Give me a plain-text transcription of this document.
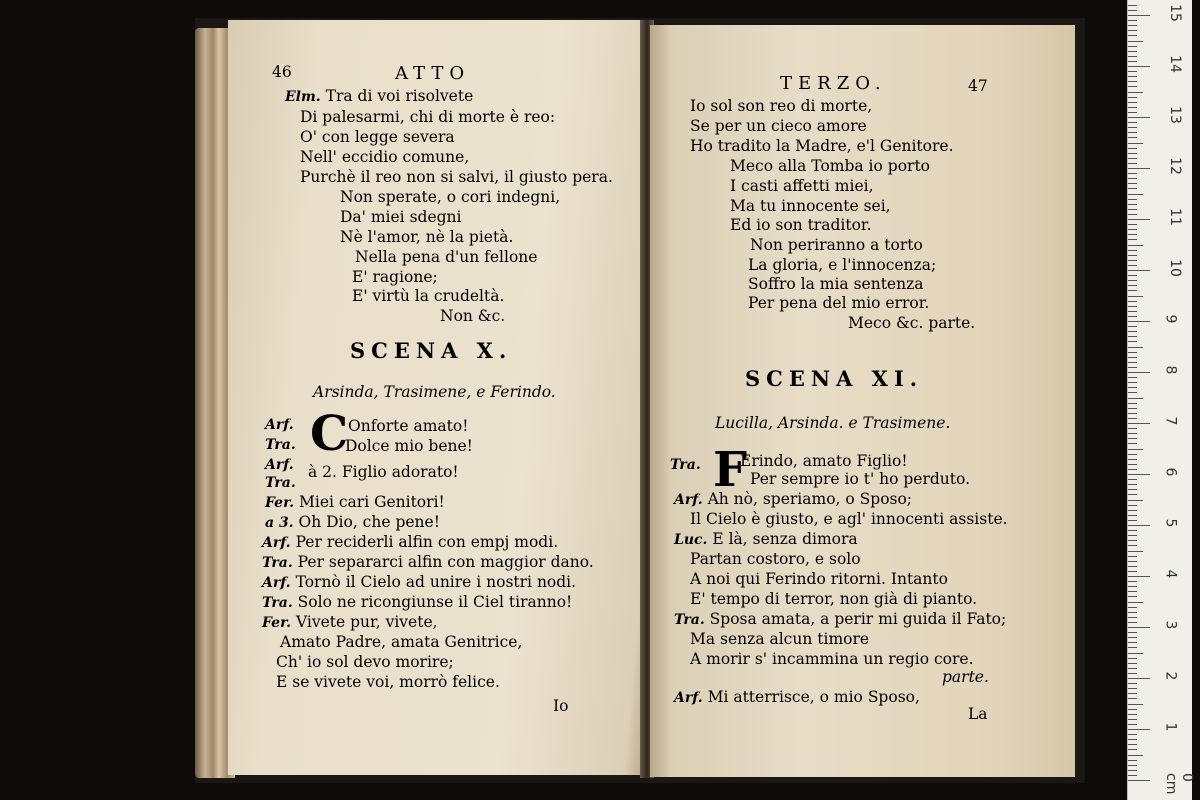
46	ATTO
Elm. Tra di voi risolvete
Di palesarmi, chi di morte è reo:
O' con legge severa
Nell' eccidio comune,
Purchè il reo non si salvi, il giusto pera.
Non sperate, o cori indegni,
Da' miei sdegni
Nè l'amor, nè la pietà.
Nella pena d'un fellone
E' ragione;
E' virtù la crudeltà.
Non &c.
SCENA X.
Arsinda, Trasimene, e Ferindo.
C
Arf.	Onforte amato!
Tra.	Dolce mio bene!
Arf. à 2. Figlio adorato!
Tra.
Fer. Miei cari Genitori!
a 3. Oh Dio, che pene!
Arf. Per reciderli alfin con empj modi.
Tra. Per separarci alfin con maggior dano.
Arf. Tornò il Cielo ad unire i nostri nodi.
Tra. Solo ne ricongiunse il Ciel tiranno!
Fer. Vivete pur, vivete,
Amato Padre, amata Genitrice,
Ch' io sol devo morire;
E se vivete voi, morrò felice.
Io
TERZO.	47
Io sol son reo di morte,
Se per un cieco amore
Ho tradito la Madre, e'l Genitore.
Meco alla Tomba io porto
I casti affetti miei,
Ma tu innocente sei,
Ed io son traditor.
Non periranno a torto
La gloria, e l'innocenza;
Soffro la mia sentenza
Per pena del mio error.
Meco &c. parte.
SCENA XI.
Lucilla, Arsinda. e Trasimene.
F
Tra.	Erindo, amato Figlio!
Per sempre io t' ho perduto.
Arf. Ah nò, speriamo, o Sposo;
Il Cielo è giusto, e agl' innocenti assiste.
Luc. E là, senza dimora
Partan costoro, e solo
A noi qui Ferindo ritorni. Intanto
E' tempo di terror, non già di pianto.
Tra. Sposa amata, a perir mi guida il Fato;
Ma senza alcun timore
A morir s' incammina un regio core.
parte.
Arf. Mi atterrisce, o mio Sposo,
La
15
14
13
12
11
10
9
8
7
6
5
4
3
2
1
0 cm
